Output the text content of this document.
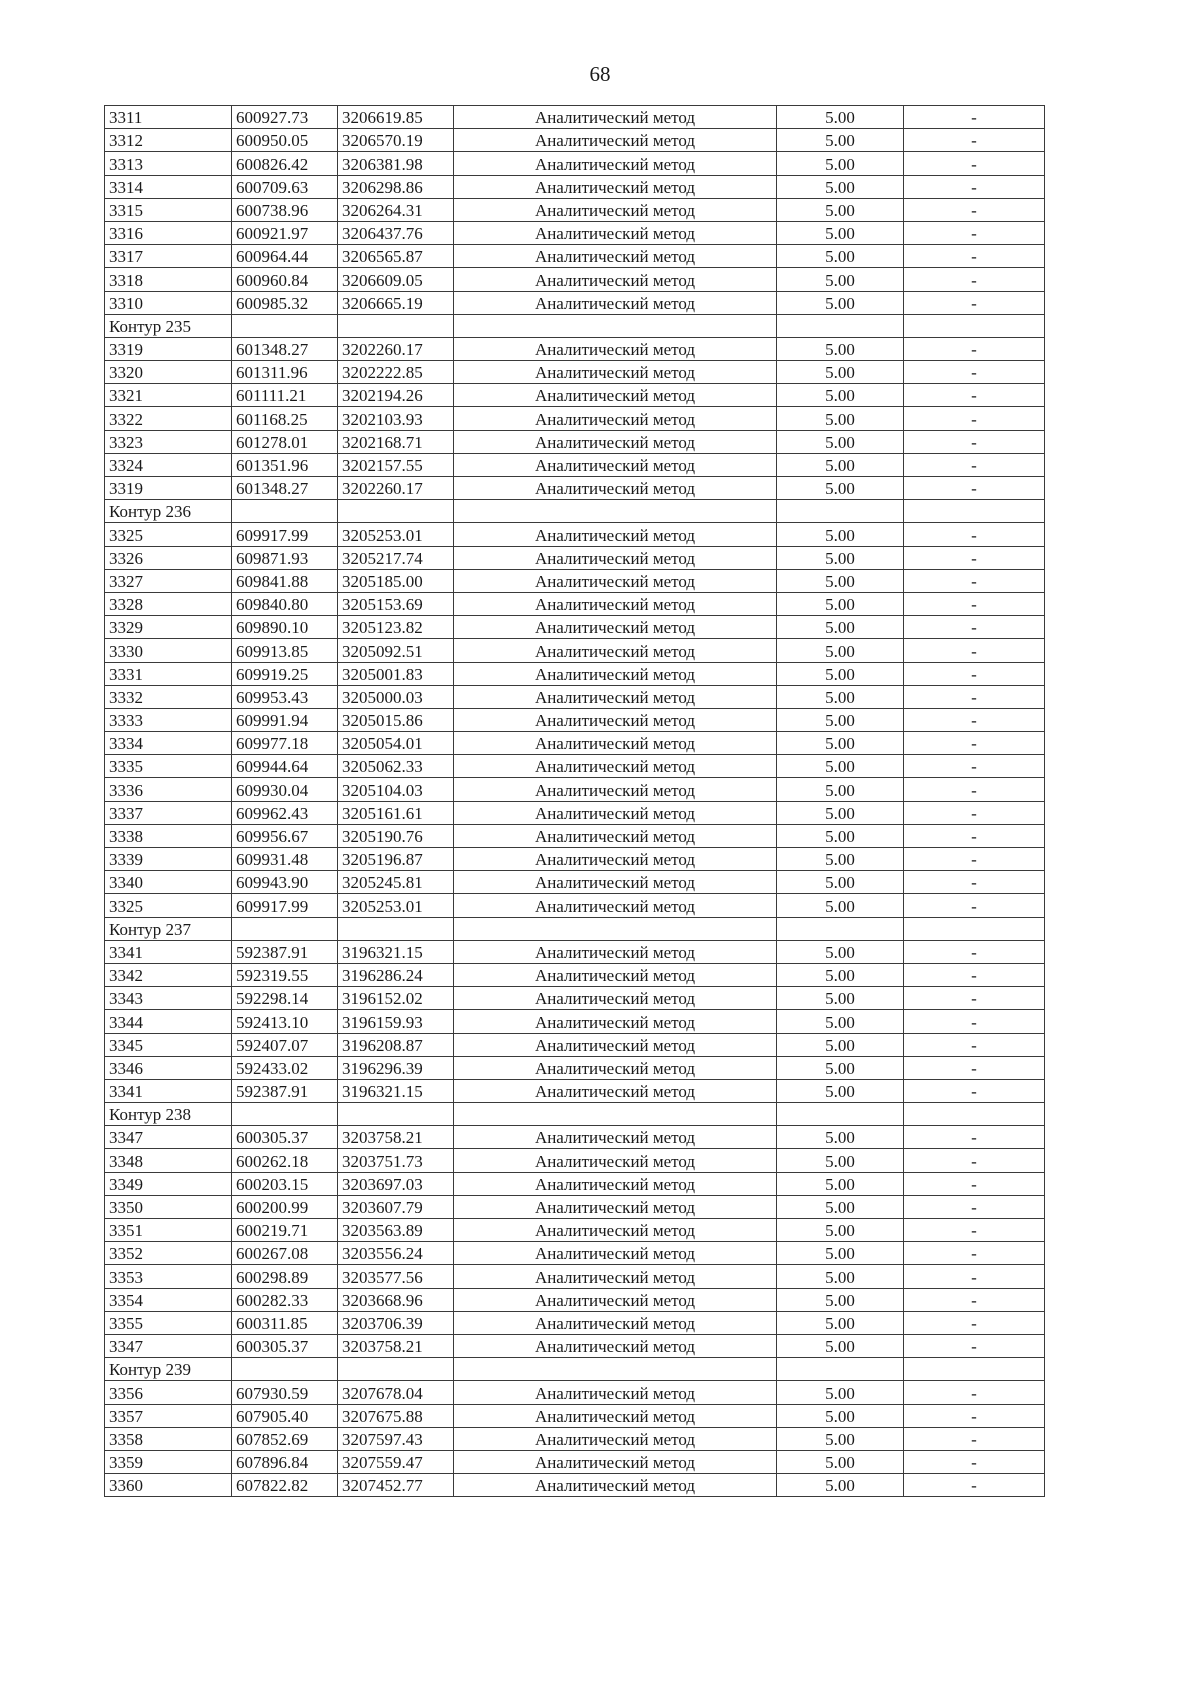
68
3311	600927.73	3206619.85	Аналитический метод	5.00	-
3312	600950.05	3206570.19	Аналитический метод	5.00	-
3313	600826.42	3206381.98	Аналитический метод	5.00	-
3314	600709.63	3206298.86	Аналитический метод	5.00	-
3315	600738.96	3206264.31	Аналитический метод	5.00	-
3316	600921.97	3206437.76	Аналитический метод	5.00	-
3317	600964.44	3206565.87	Аналитический метод	5.00	-
3318	600960.84	3206609.05	Аналитический метод	5.00	-
3310	600985.32	3206665.19	Аналитический метод	5.00	-
Контур 235					
3319	601348.27	3202260.17	Аналитический метод	5.00	-
3320	601311.96	3202222.85	Аналитический метод	5.00	-
3321	601111.21	3202194.26	Аналитический метод	5.00	-
3322	601168.25	3202103.93	Аналитический метод	5.00	-
3323	601278.01	3202168.71	Аналитический метод	5.00	-
3324	601351.96	3202157.55	Аналитический метод	5.00	-
3319	601348.27	3202260.17	Аналитический метод	5.00	-
Контур 236					
3325	609917.99	3205253.01	Аналитический метод	5.00	-
3326	609871.93	3205217.74	Аналитический метод	5.00	-
3327	609841.88	3205185.00	Аналитический метод	5.00	-
3328	609840.80	3205153.69	Аналитический метод	5.00	-
3329	609890.10	3205123.82	Аналитический метод	5.00	-
3330	609913.85	3205092.51	Аналитический метод	5.00	-
3331	609919.25	3205001.83	Аналитический метод	5.00	-
3332	609953.43	3205000.03	Аналитический метод	5.00	-
3333	609991.94	3205015.86	Аналитический метод	5.00	-
3334	609977.18	3205054.01	Аналитический метод	5.00	-
3335	609944.64	3205062.33	Аналитический метод	5.00	-
3336	609930.04	3205104.03	Аналитический метод	5.00	-
3337	609962.43	3205161.61	Аналитический метод	5.00	-
3338	609956.67	3205190.76	Аналитический метод	5.00	-
3339	609931.48	3205196.87	Аналитический метод	5.00	-
3340	609943.90	3205245.81	Аналитический метод	5.00	-
3325	609917.99	3205253.01	Аналитический метод	5.00	-
Контур 237					
3341	592387.91	3196321.15	Аналитический метод	5.00	-
3342	592319.55	3196286.24	Аналитический метод	5.00	-
3343	592298.14	3196152.02	Аналитический метод	5.00	-
3344	592413.10	3196159.93	Аналитический метод	5.00	-
3345	592407.07	3196208.87	Аналитический метод	5.00	-
3346	592433.02	3196296.39	Аналитический метод	5.00	-
3341	592387.91	3196321.15	Аналитический метод	5.00	-
Контур 238					
3347	600305.37	3203758.21	Аналитический метод	5.00	-
3348	600262.18	3203751.73	Аналитический метод	5.00	-
3349	600203.15	3203697.03	Аналитический метод	5.00	-
3350	600200.99	3203607.79	Аналитический метод	5.00	-
3351	600219.71	3203563.89	Аналитический метод	5.00	-
3352	600267.08	3203556.24	Аналитический метод	5.00	-
3353	600298.89	3203577.56	Аналитический метод	5.00	-
3354	600282.33	3203668.96	Аналитический метод	5.00	-
3355	600311.85	3203706.39	Аналитический метод	5.00	-
3347	600305.37	3203758.21	Аналитический метод	5.00	-
Контур 239					
3356	607930.59	3207678.04	Аналитический метод	5.00	-
3357	607905.40	3207675.88	Аналитический метод	5.00	-
3358	607852.69	3207597.43	Аналитический метод	5.00	-
3359	607896.84	3207559.47	Аналитический метод	5.00	-
3360	607822.82	3207452.77	Аналитический метод	5.00	-
